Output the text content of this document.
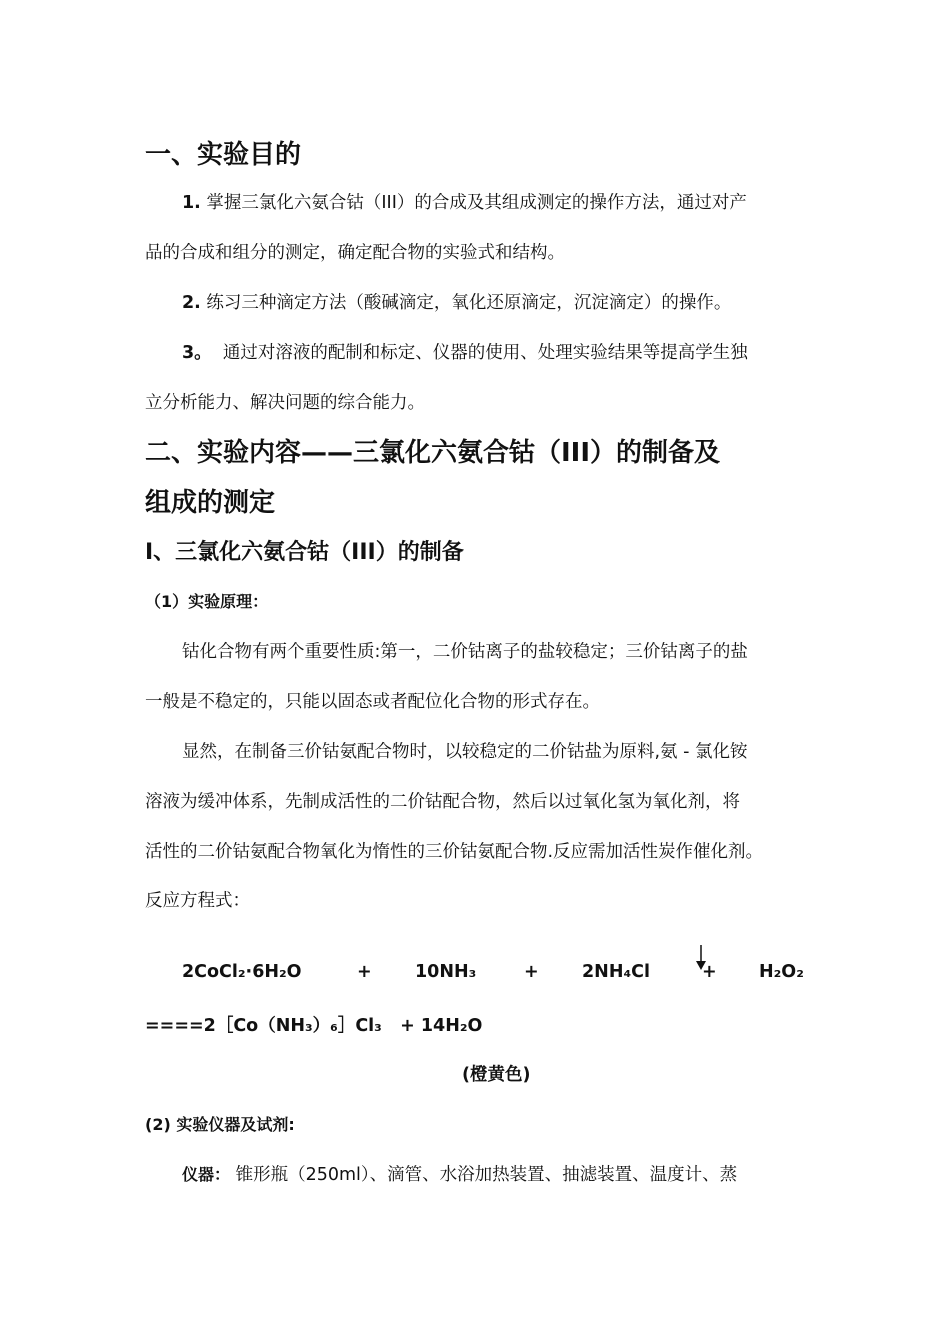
一、实验目的
1. 掌握三氯化六氨合钴（III）的合成及其组成测定的操作方法，通过对产
品的合成和组分的测定，确定配合物的实验式和结构。
2. 练习三种滴定方法（酸碱滴定，氧化还原滴定，沉淀滴定）的操作。
3。  通过对溶液的配制和标定、仪器的使用、处理实验结果等提高学生独
立分析能力、解决问题的综合能力。
二、实验内容——三氯化六氨合钴（III）的制备及
组成的测定
I、三氯化六氨合钴（III）的制备
（1）实验原理：
钴化合物有两个重要性质:第一，二价钴离子的盐较稳定；三价钴离子的盐
一般是不稳定的，只能以固态或者配位化合物的形式存在。
显然，在制备三价钴氨配合物时，以较稳定的二价钴盐为原料,氨 - 氯化铵
溶液为缓冲体系，先制成活性的二价钴配合物，然后以过氧化氢为氧化剂，将
活性的二价钴氨配合物氧化为惰性的三价钴氨配合物.反应需加活性炭作催化剂。
反应方程式：
2CoCl₂·6H₂O	+ 10NH₃	+ 2NH₄Cl	+ H₂O₂
====2［Co（NH₃）₆］Cl₃   + 14H₂O
(橙黄色)
(2) 实验仪器及试剂:
仪器： 锥形瓶（250ml）、滴管、水浴加热装置、抽滤装置、温度计、蒸
